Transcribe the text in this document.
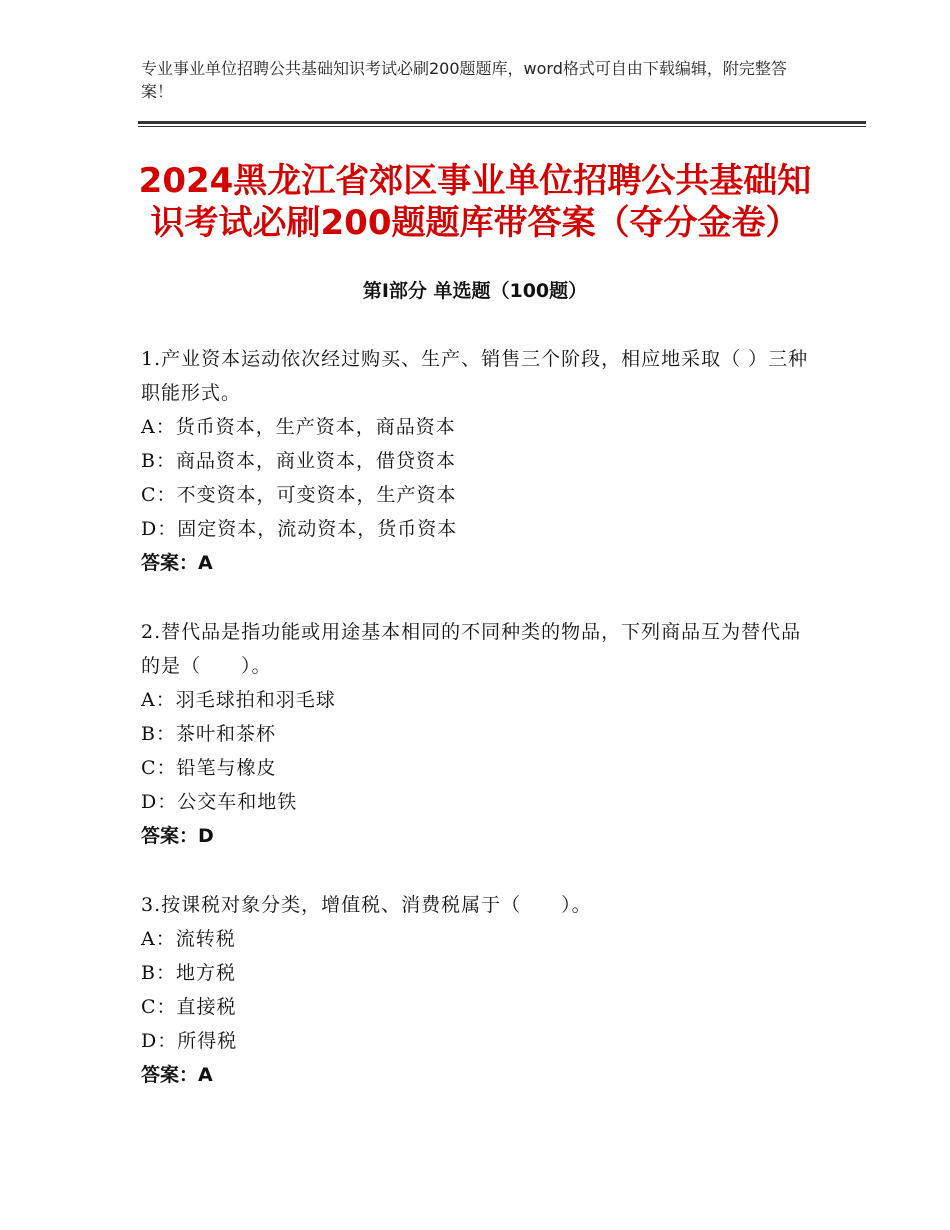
专业事业单位招聘公共基础知识考试必刷200题题库，word格式可自由下载编辑，附完整答案！
2024黑龙江省郊区事业单位招聘公共基础知识考试必刷200题题库带答案（夺分金卷）
第Ⅰ部分 单选题（100题）
1.产业资本运动依次经过购买、生产、销售三个阶段，相应地采取（ ）三种职能形式。
A：货币资本，生产资本，商品资本
B：商品资本，商业资本，借贷资本
C：不变资本，可变资本，生产资本
D：固定资本，流动资本，货币资本
答案：A
2.替代品是指功能或用途基本相同的不同种类的物品，下列商品互为替代品的是（　　）。
A：羽毛球拍和羽毛球
B：茶叶和茶杯
C：铅笔与橡皮
D：公交车和地铁
答案：D
3.按课税对象分类，增值税、消费税属于（　　）。
A：流转税
B：地方税
C：直接税
D：所得税
答案：A
